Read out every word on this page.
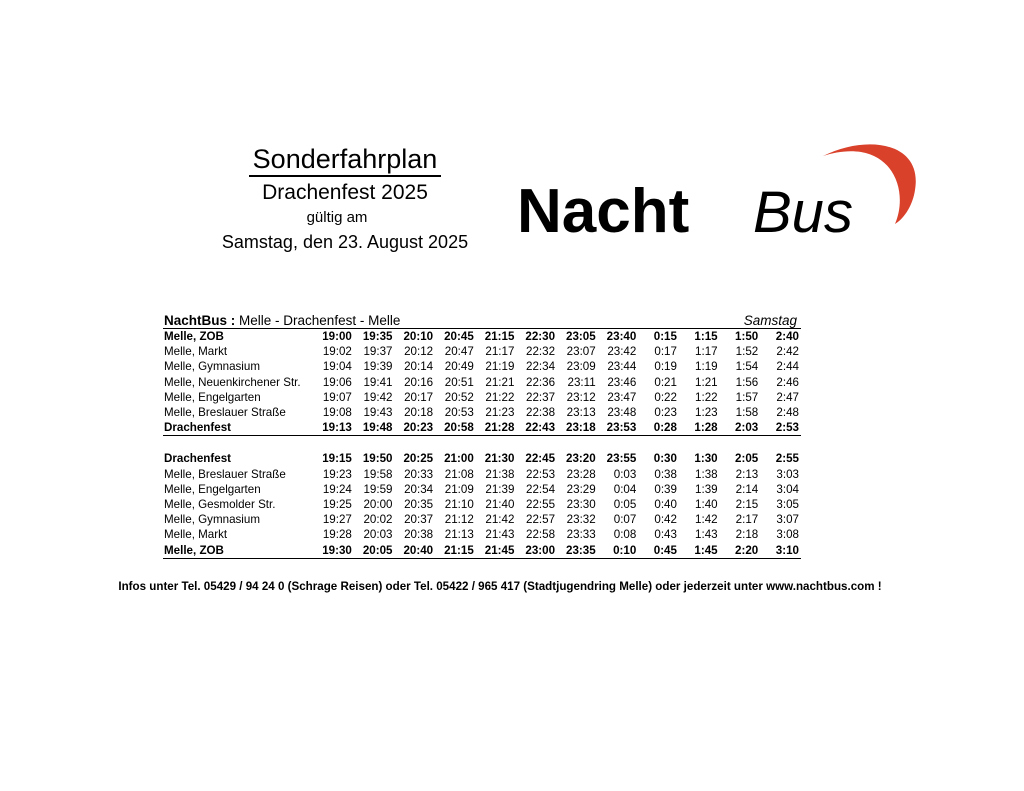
Sonderfahrplan
Drachenfest 2025
gültig am
Samstag, den 23. August 2025 Nacht Bus
NachtBus : Melle - Drachenfest - Melle	Samstag
Melle, ZOB	19:00	19:35	20:10	20:45	21:15	22:30	23:05	23:40	0:15	1:15	1:50	2:40
Melle, Markt	19:02	19:37	20:12	20:47	21:17	22:32	23:07	23:42	0:17	1:17	1:52	2:42
Melle, Gymnasium	19:04	19:39	20:14	20:49	21:19	22:34	23:09	23:44	0:19	1:19	1:54	2:44
Melle, Neuenkirchener Str.	19:06	19:41	20:16	20:51	21:21	22:36	23:11	23:46	0:21	1:21	1:56	2:46
Melle, Engelgarten	19:07	19:42	20:17	20:52	21:22	22:37	23:12	23:47	0:22	1:22	1:57	2:47
Melle, Breslauer Straße	19:08	19:43	20:18	20:53	21:23	22:38	23:13	23:48	0:23	1:23	1:58	2:48
Drachenfest	19:13	19:48	20:23	20:58	21:28	22:43	23:18	23:53	0:28	1:28	2:03	2:53

Drachenfest	19:15	19:50	20:25	21:00	21:30	22:45	23:20	23:55	0:30	1:30	2:05	2:55
Melle, Breslauer Straße	19:23	19:58	20:33	21:08	21:38	22:53	23:28	0:03	0:38	1:38	2:13	3:03
Melle, Engelgarten	19:24	19:59	20:34	21:09	21:39	22:54	23:29	0:04	0:39	1:39	2:14	3:04
Melle, Gesmolder Str.	19:25	20:00	20:35	21:10	21:40	22:55	23:30	0:05	0:40	1:40	2:15	3:05
Melle, Gymnasium	19:27	20:02	20:37	21:12	21:42	22:57	23:32	0:07	0:42	1:42	2:17	3:07
Melle, Markt	19:28	20:03	20:38	21:13	21:43	22:58	23:33	0:08	0:43	1:43	2:18	3:08
Melle, ZOB	19:30	20:05	20:40	21:15	21:45	23:00	23:35	0:10	0:45	1:45	2:20	3:10
Infos unter Tel. 05429 / 94 24 0 (Schrage Reisen) oder Tel. 05422 / 965 417 (Stadtjugendring Melle) oder jederzeit unter www.nachtbus.com !
